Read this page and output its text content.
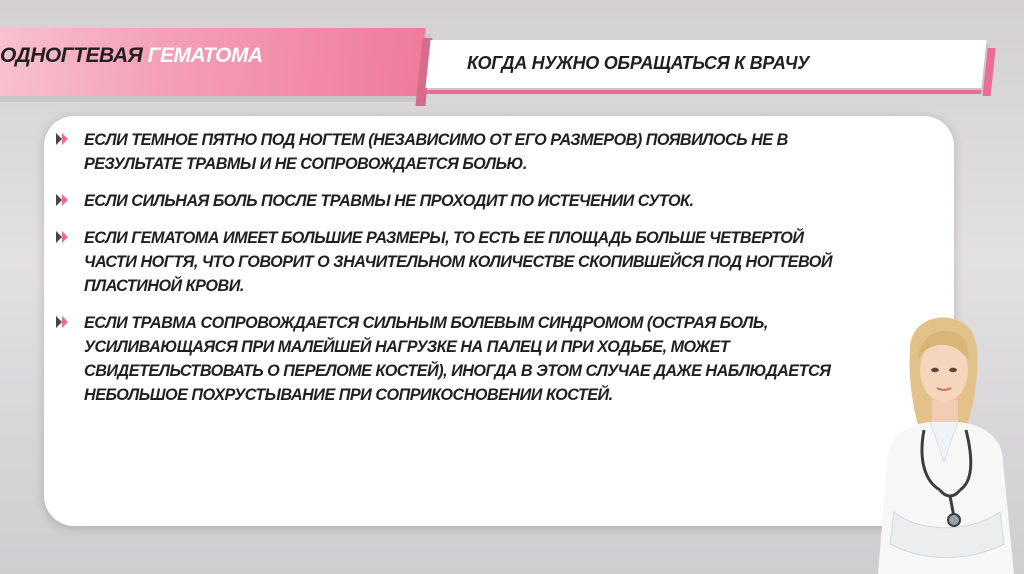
ОДНОГТЕВАЯ ГЕМАТОМА	КОГДА НУЖНО ОБРАЩАТЬСЯ К ВРАЧУ
ЕСЛИ ТЕМНОЕ ПЯТНО ПОД НОГТЕМ (НЕЗАВИСИМО ОТ ЕГО РАЗМЕРОВ) ПОЯВИЛОСЬ НЕ В РЕЗУЛЬТАТЕ ТРАВМЫ И НЕ СОПРОВОЖДАЕТСЯ БОЛЬЮ.
ЕСЛИ СИЛЬНАЯ БОЛЬ ПОСЛЕ ТРАВМЫ НЕ ПРОХОДИТ ПО ИСТЕЧЕНИИ СУТОК.
ЕСЛИ ГЕМАТОМА ИМЕЕТ БОЛЬШИЕ РАЗМЕРЫ, ТО ЕСТЬ ЕЕ ПЛОЩАДЬ БОЛЬШЕ ЧЕТВЕРТОЙ ЧАСТИ НОГТЯ, ЧТО ГОВОРИТ О ЗНАЧИТЕЛЬНОМ КОЛИЧЕСТВЕ СКОПИВШЕЙСЯ ПОД НОГТЕВОЙ ПЛАСТИНОЙ КРОВИ.
ЕСЛИ ТРАВМА СОПРОВОЖДАЕТСЯ СИЛЬНЫМ БОЛЕВЫМ СИНДРОМОМ (ОСТРАЯ БОЛЬ, УСИЛИВАЮЩАЯСЯ ПРИ МАЛЕЙШЕЙ НАГРУЗКЕ НА ПАЛЕЦ И ПРИ ХОДЬБЕ, МОЖЕТ СВИДЕТЕЛЬСТВОВАТЬ О ПЕРЕЛОМЕ КОСТЕЙ), ИНОГДА В ЭТОМ СЛУЧАЕ ДАЖЕ НАБЛЮДАЕТСЯ НЕБОЛЬШОЕ ПОХРУСТЫВАНИЕ ПРИ СОПРИКОСНОВЕНИИ КОСТЕЙ.
